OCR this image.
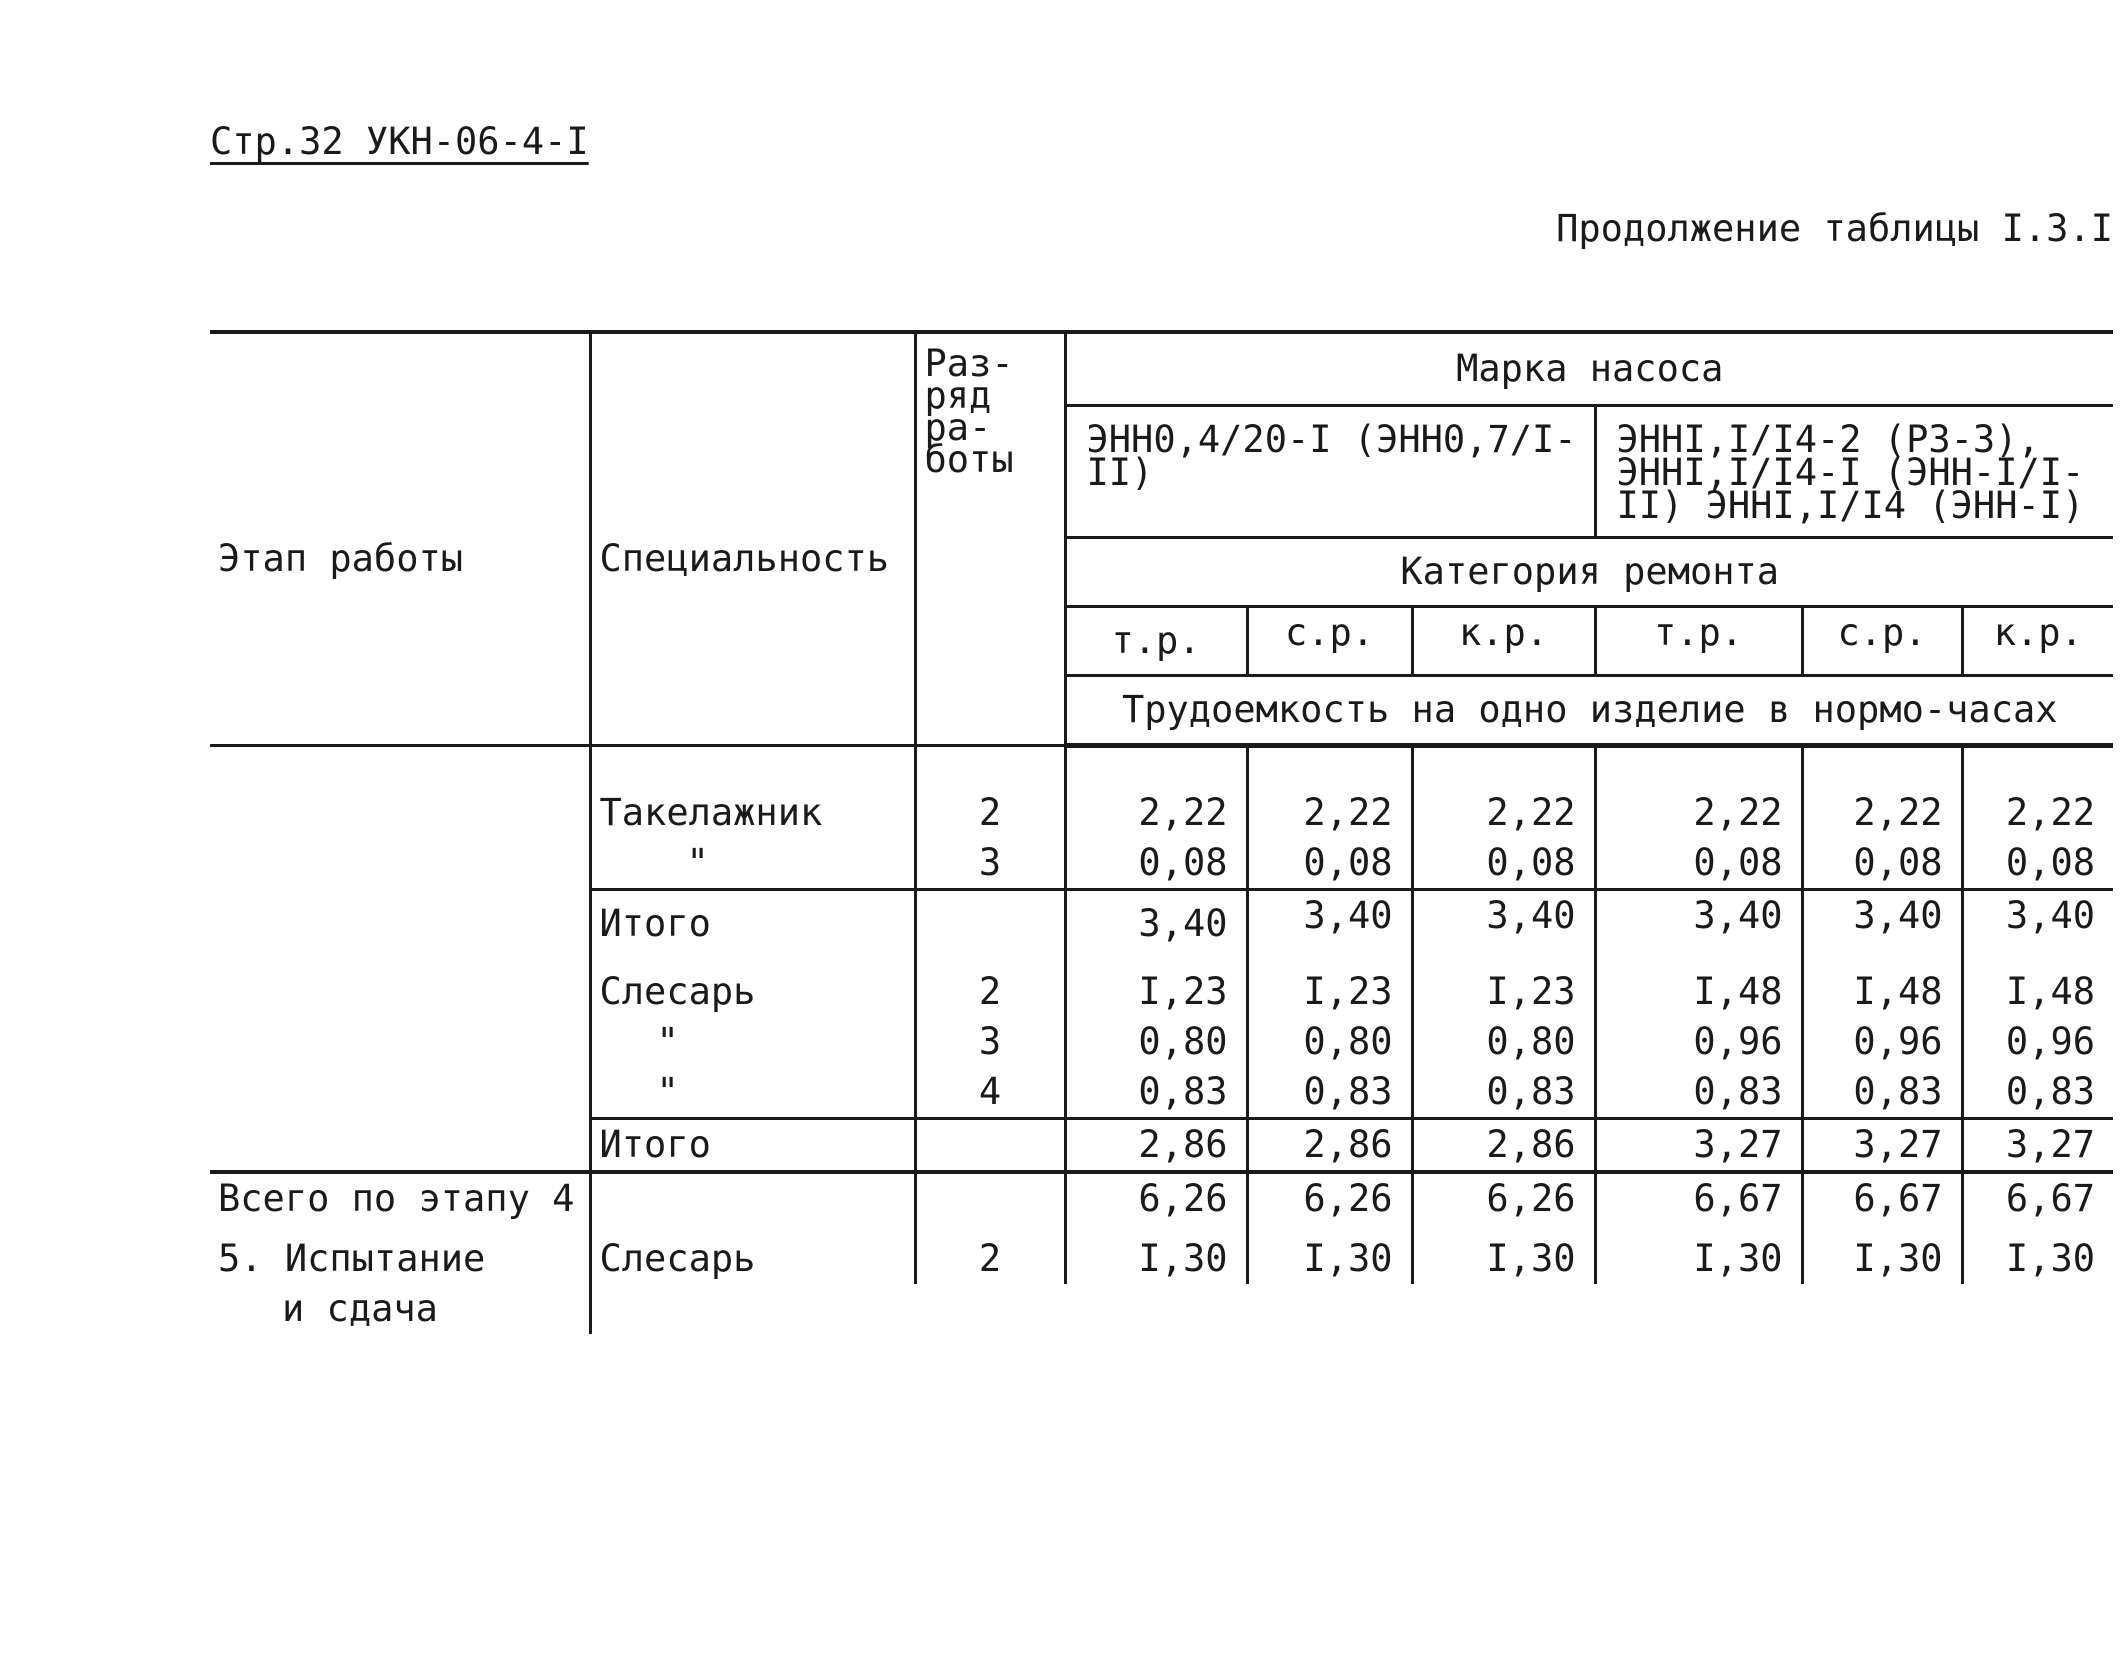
Стр.32 УКН-06-4-I
Продолжение таблицы I.3.I
Этап работы	Специальность	Раз-
ряд
ра-
боты	Марка насоса					
			ЭНН0,4/20-I (ЭНН0,7/I-II)			ЭННI,I/I4-2 (РЗ-3), ЭННI,I/I4-I (ЭНН-I/I-II) ЭННI,I/I4 (ЭНН-I)		
			Категория ремонта					
			т.р.	с.р.	к.р.	т.р.	с.р.	к.р.
			Трудоемкость на одно изделие в нормо-часах					

	Такелажник	2	2,22	2,22	2,22	2,22	2,22	2,22
	"	3	0,08	0,08	0,08	0,08	0,08	0,08
	Итого		3,40	3,40	3,40	3,40	3,40	3,40
	Слесарь	2	I,23	I,23	I,23	I,48	I,48	I,48
	"	3	0,80	0,80	0,80	0,96	0,96	0,96
	"	4	0,83	0,83	0,83	0,83	0,83	0,83
	Итого		2,86	2,86	2,86	3,27	3,27	3,27
Всего по этапу 4			6,26	6,26	6,26	6,67	6,67	6,67
5. Испытание	Слесарь	2	I,30	I,30	I,30	I,30	I,30	I,30
и сдача								
